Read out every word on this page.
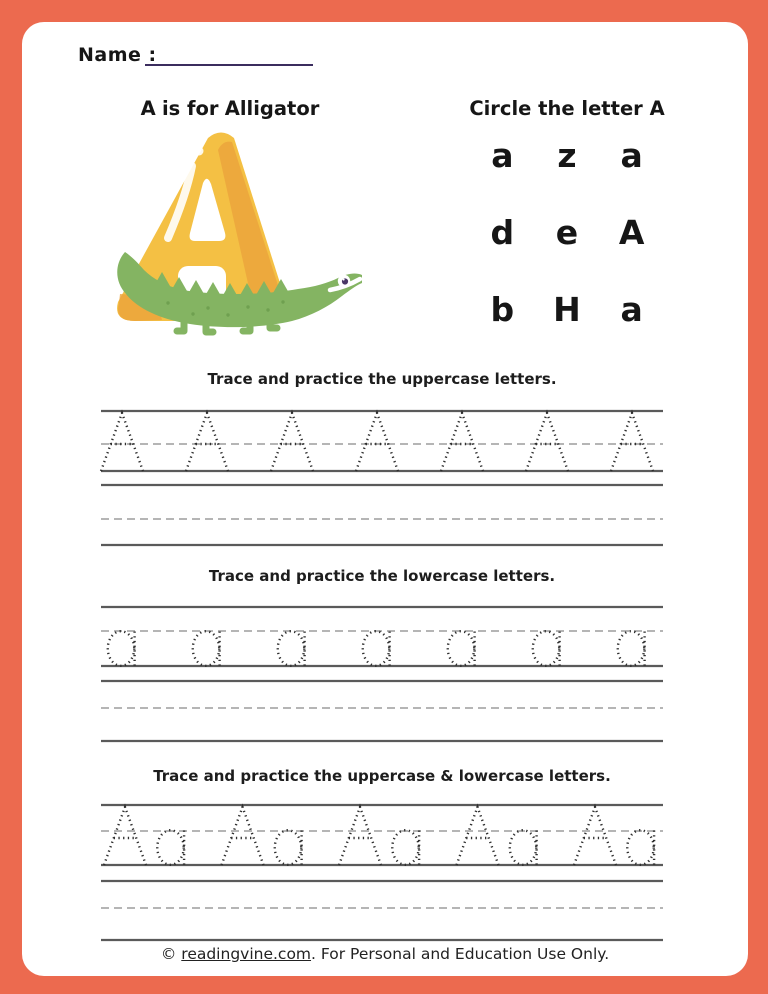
Name :
A is for Alligator	Circle the letter A
a z a
d e A
b H a
Trace and practice the uppercase letters.
Trace and practice the lowercase letters.
Trace and practice the uppercase & lowercase letters.
© readingvine.com. For Personal and Education Use Only.
